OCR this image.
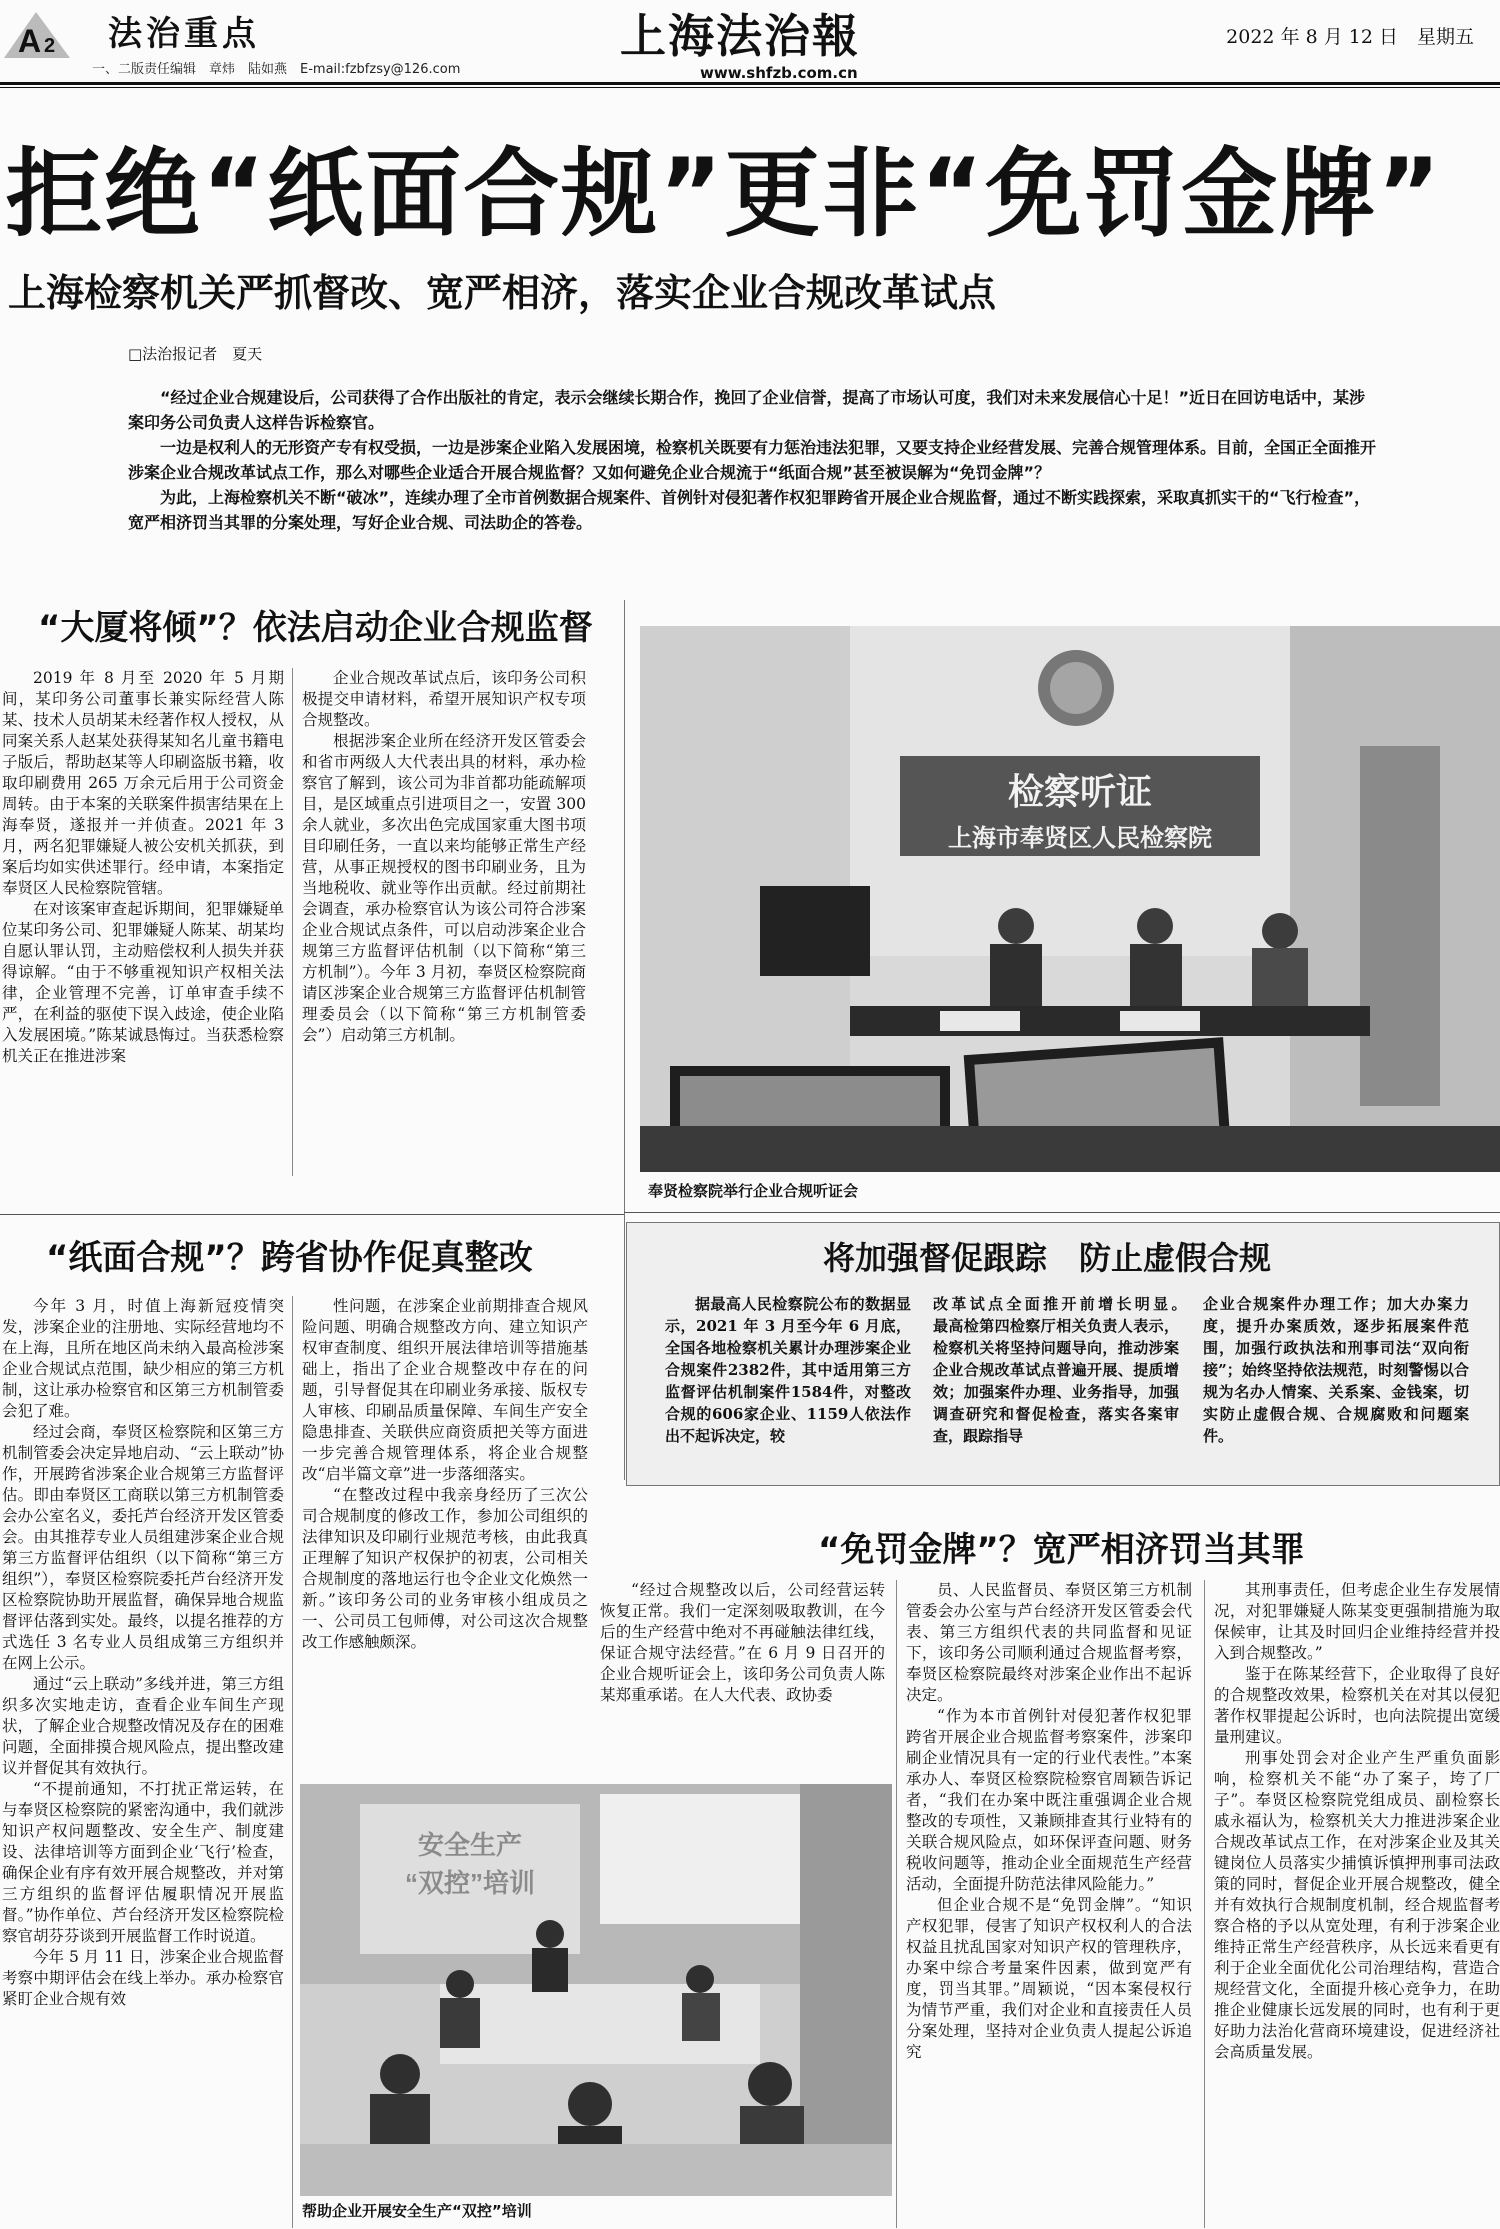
A 2 法治重点
一、二版责任编辑　章炜　陆如燕　E-mail:fzbfzsy@126.com
上海法治報
www.shfzb.com.cn
2022 年 8 月 12 日　星期五
拒绝“纸面合规”更非“免罚金牌”
上海检察机关严抓督改、宽严相济，落实企业合规改革试点
□法治报记者　夏天

“经过企业合规建设后，公司获得了合作出版社的肯定，表示会继续长期合作，挽回了企业信誉，提高了市场认可度，我们对未来发展信心十足！”近日在回访电话中，某涉案印务公司负责人这样告诉检察官。

一边是权利人的无形资产专有权受损，一边是涉案企业陷入发展困境，检察机关既要有力惩治违法犯罪，又要支持企业经营发展、完善合规管理体系。目前，全国正全面推开涉案企业合规改革试点工作，那么对哪些企业适合开展合规监督？又如何避免企业合规流于“纸面合规”甚至被误解为“免罚金牌”？

为此，上海检察机关不断“破冰”，连续办理了全市首例数据合规案件、首例针对侵犯著作权犯罪跨省开展企业合规监督，通过不断实践探索，采取真抓实干的“飞行检查”，宽严相济罚当其罪的分案处理，写好企业合规、司法助企的答卷。

“大厦将倾”？依法启动企业合规监督

2019 年 8 月至 2020 年 5 月期间，某印务公司董事长兼实际经营人陈某、技术人员胡某未经著作权人授权，从同案关系人赵某处获得某知名儿童书籍电子版后，帮助赵某等人印刷盗版书籍，收取印刷费用 265 万余元后用于公司资金周转。由于本案的关联案件损害结果在上海奉贤，遂报并一并侦查。2021 年 3 月，两名犯罪嫌疑人被公安机关抓获，到案后均如实供述罪行。经申请，本案指定奉贤区人民检察院管辖。

在对该案审查起诉期间，犯罪嫌疑单位某印务公司、犯罪嫌疑人陈某、胡某均自愿认罪认罚，主动赔偿权利人损失并获得谅解。“由于不够重视知识产权相关法律，企业管理不完善，订单审查手续不严，在利益的驱使下误入歧途，使企业陷入发展困境。”陈某诚恳悔过。当获悉检察机关正在推进涉案

企业合规改革试点后，该印务公司积极提交申请材料，希望开展知识产权专项合规整改。

根据涉案企业所在经济开发区管委会和省市两级人大代表出具的材料，承办检察官了解到，该公司为非首都功能疏解项目，是区域重点引进项目之一，安置 300 余人就业，多次出色完成国家重大图书项目印刷任务，一直以来均能够正常生产经营，从事正规授权的图书印刷业务，且为当地税收、就业等作出贡献。经过前期社会调查，承办检察官认为该公司符合涉案企业合规试点条件，可以启动涉案企业合规第三方监督评估机制（以下简称“第三方机制”）。今年 3 月初，奉贤区检察院商请区涉案企业合规第三方监督评估机制管理委员会（以下简称“第三方机制管委会”）启动第三方机制。

检察听证
上海市奉贤区人民检察院
奉贤检察院举行企业合规听证会
“纸面合规”？跨省协作促真整改

今年 3 月，时值上海新冠疫情突发，涉案企业的注册地、实际经营地均不在上海，且所在地区尚未纳入最高检涉案企业合规试点范围，缺少相应的第三方机制，这让承办检察官和区第三方机制管委会犯了难。

经过会商，奉贤区检察院和区第三方机制管委会决定异地启动、“云上联动”协作，开展跨省涉案企业合规第三方监督评估。即由奉贤区工商联以第三方机制管委会办公室名义，委托芦台经济开发区管委会。由其推荐专业人员组建涉案企业合规第三方监督评估组织（以下简称“第三方组织”），奉贤区检察院委托芦台经济开发区检察院协助开展监督，确保异地合规监督评估落到实处。最终，以提名推荐的方式选任 3 名专业人员组成第三方组织并在网上公示。

通过“云上联动”多线并进，第三方组织多次实地走访，查看企业车间生产现状，了解企业合规整改情况及存在的困难问题，全面排摸合规风险点，提出整改建议并督促其有效执行。

“不提前通知，不打扰正常运转，在与奉贤区检察院的紧密沟通中，我们就涉知识产权问题整改、安全生产、制度建设、法律培训等方面到企业‘飞行’检查，确保企业有序有效开展合规整改，并对第三方组织的监督评估履职情况开展监督。”协作单位、芦台经济开发区检察院检察官胡芬芬谈到开展监督工作时说道。

今年 5 月 11 日，涉案企业合规监督考察中期评估会在线上举办。承办检察官紧盯企业合规有效

性问题，在涉案企业前期排查合规风险问题、明确合规整改方向、建立知识产权审查制度、组织开展法律培训等措施基础上，指出了企业合规整改中存在的问题，引导督促其在印刷业务承接、版权专人审核、印刷品质量保障、车间生产安全隐患排查、关联供应商资质把关等方面进一步完善合规管理体系，将企业合规整改“启半篇文章”进一步落细落实。

“在整改过程中我亲身经历了三次公司合规制度的修改工作，参加公司组织的法律知识及印刷行业规范考核，由此我真正理解了知识产权保护的初衷，公司相关合规制度的落地运行也令企业文化焕然一新。”该印务公司的业务审核小组成员之一、公司员工包师傅，对公司这次合规整改工作感触颇深。

将加强督促跟踪　防止虚假合规

据最高人民检察院公布的数据显示，2021 年 3 月至今年 6 月底，全国各地检察机关累计办理涉案企业合规案件2382件，其中适用第三方监督评估机制案件1584件，对整改合规的606家企业、1159人依法作出不起诉决定，较

改革试点全面推开前增长明显。　　最高检第四检察厅相关负责人表示，检察机关将坚持问题导向，推动涉案企业合规改革试点普遍开展、提质增效；加强案件办理、业务指导，加强调查研究和督促检查，落实各案审查，跟踪指导

企业合规案件办理工作；加大办案力度，提升办案质效，逐步拓展案件范围，加强行政执法和刑事司法“双向衔接”；始终坚持依法规范，时刻警惕以合规为名办人情案、关系案、金钱案，切实防止虚假合规、合规腐败和问题案件。

“免罚金牌”？宽严相济罚当其罪

“经过合规整改以后，公司经营运转恢复正常。我们一定深刻吸取教训，在今后的生产经营中绝对不再碰触法律红线，保证合规守法经营。”在 6 月 9 日召开的企业合规听证会上，该印务公司负责人陈某郑重承诺。在人大代表、政协委

员、人民监督员、奉贤区第三方机制管委会办公室与芦台经济开发区管委会代表、第三方组织代表的共同监督和见证下，该印务公司顺利通过合规监督考察，奉贤区检察院最终对涉案企业作出不起诉决定。

“作为本市首例针对侵犯著作权犯罪跨省开展企业合规监督考察案件，涉案印刷企业情况具有一定的行业代表性。”本案承办人、奉贤区检察院检察官周颖告诉记者，“我们在办案中既注重强调企业合规整改的专项性，又兼顾排查其行业特有的关联合规风险点，如环保评查问题、财务税收问题等，推动企业全面规范生产经营活动，全面提升防范法律风险能力。”

但企业合规不是“免罚金牌”。“知识产权犯罪，侵害了知识产权权利人的合法权益且扰乱国家对知识产权的管理秩序，办案中综合考量案件因素，做到宽严有度，罚当其罪。”周颖说，“因本案侵权行为情节严重，我们对企业和直接责任人员分案处理，坚持对企业负责人提起公诉追究

其刑事责任，但考虑企业生存发展情况，对犯罪嫌疑人陈某变更强制措施为取保候审，让其及时回归企业维持经营并投入到合规整改。”

鉴于在陈某经营下，企业取得了良好的合规整改效果，检察机关在对其以侵犯著作权罪提起公诉时，也向法院提出宽缓量刑建议。

刑事处罚会对企业产生严重负面影响，检察机关不能“办了案子，垮了厂子”。奉贤区检察院党组成员、副检察长戚永福认为，检察机关大力推进涉案企业合规改革试点工作，在对涉案企业及其关键岗位人员落实少捕慎诉慎押刑事司法政策的同时，督促企业开展合规整改，健全并有效执行合规制度机制，经合规监督考察合格的予以从宽处理，有利于涉案企业维持正常生产经营秩序，从长远来看更有利于企业全面优化公司治理结构，营造合规经营文化，全面提升核心竞争力，在助推企业健康长远发展的同时，也有利于更好助力法治化营商环境建设，促进经济社会高质量发展。

安全生产
“双控”培训
帮助企业开展安全生产“双控”培训
